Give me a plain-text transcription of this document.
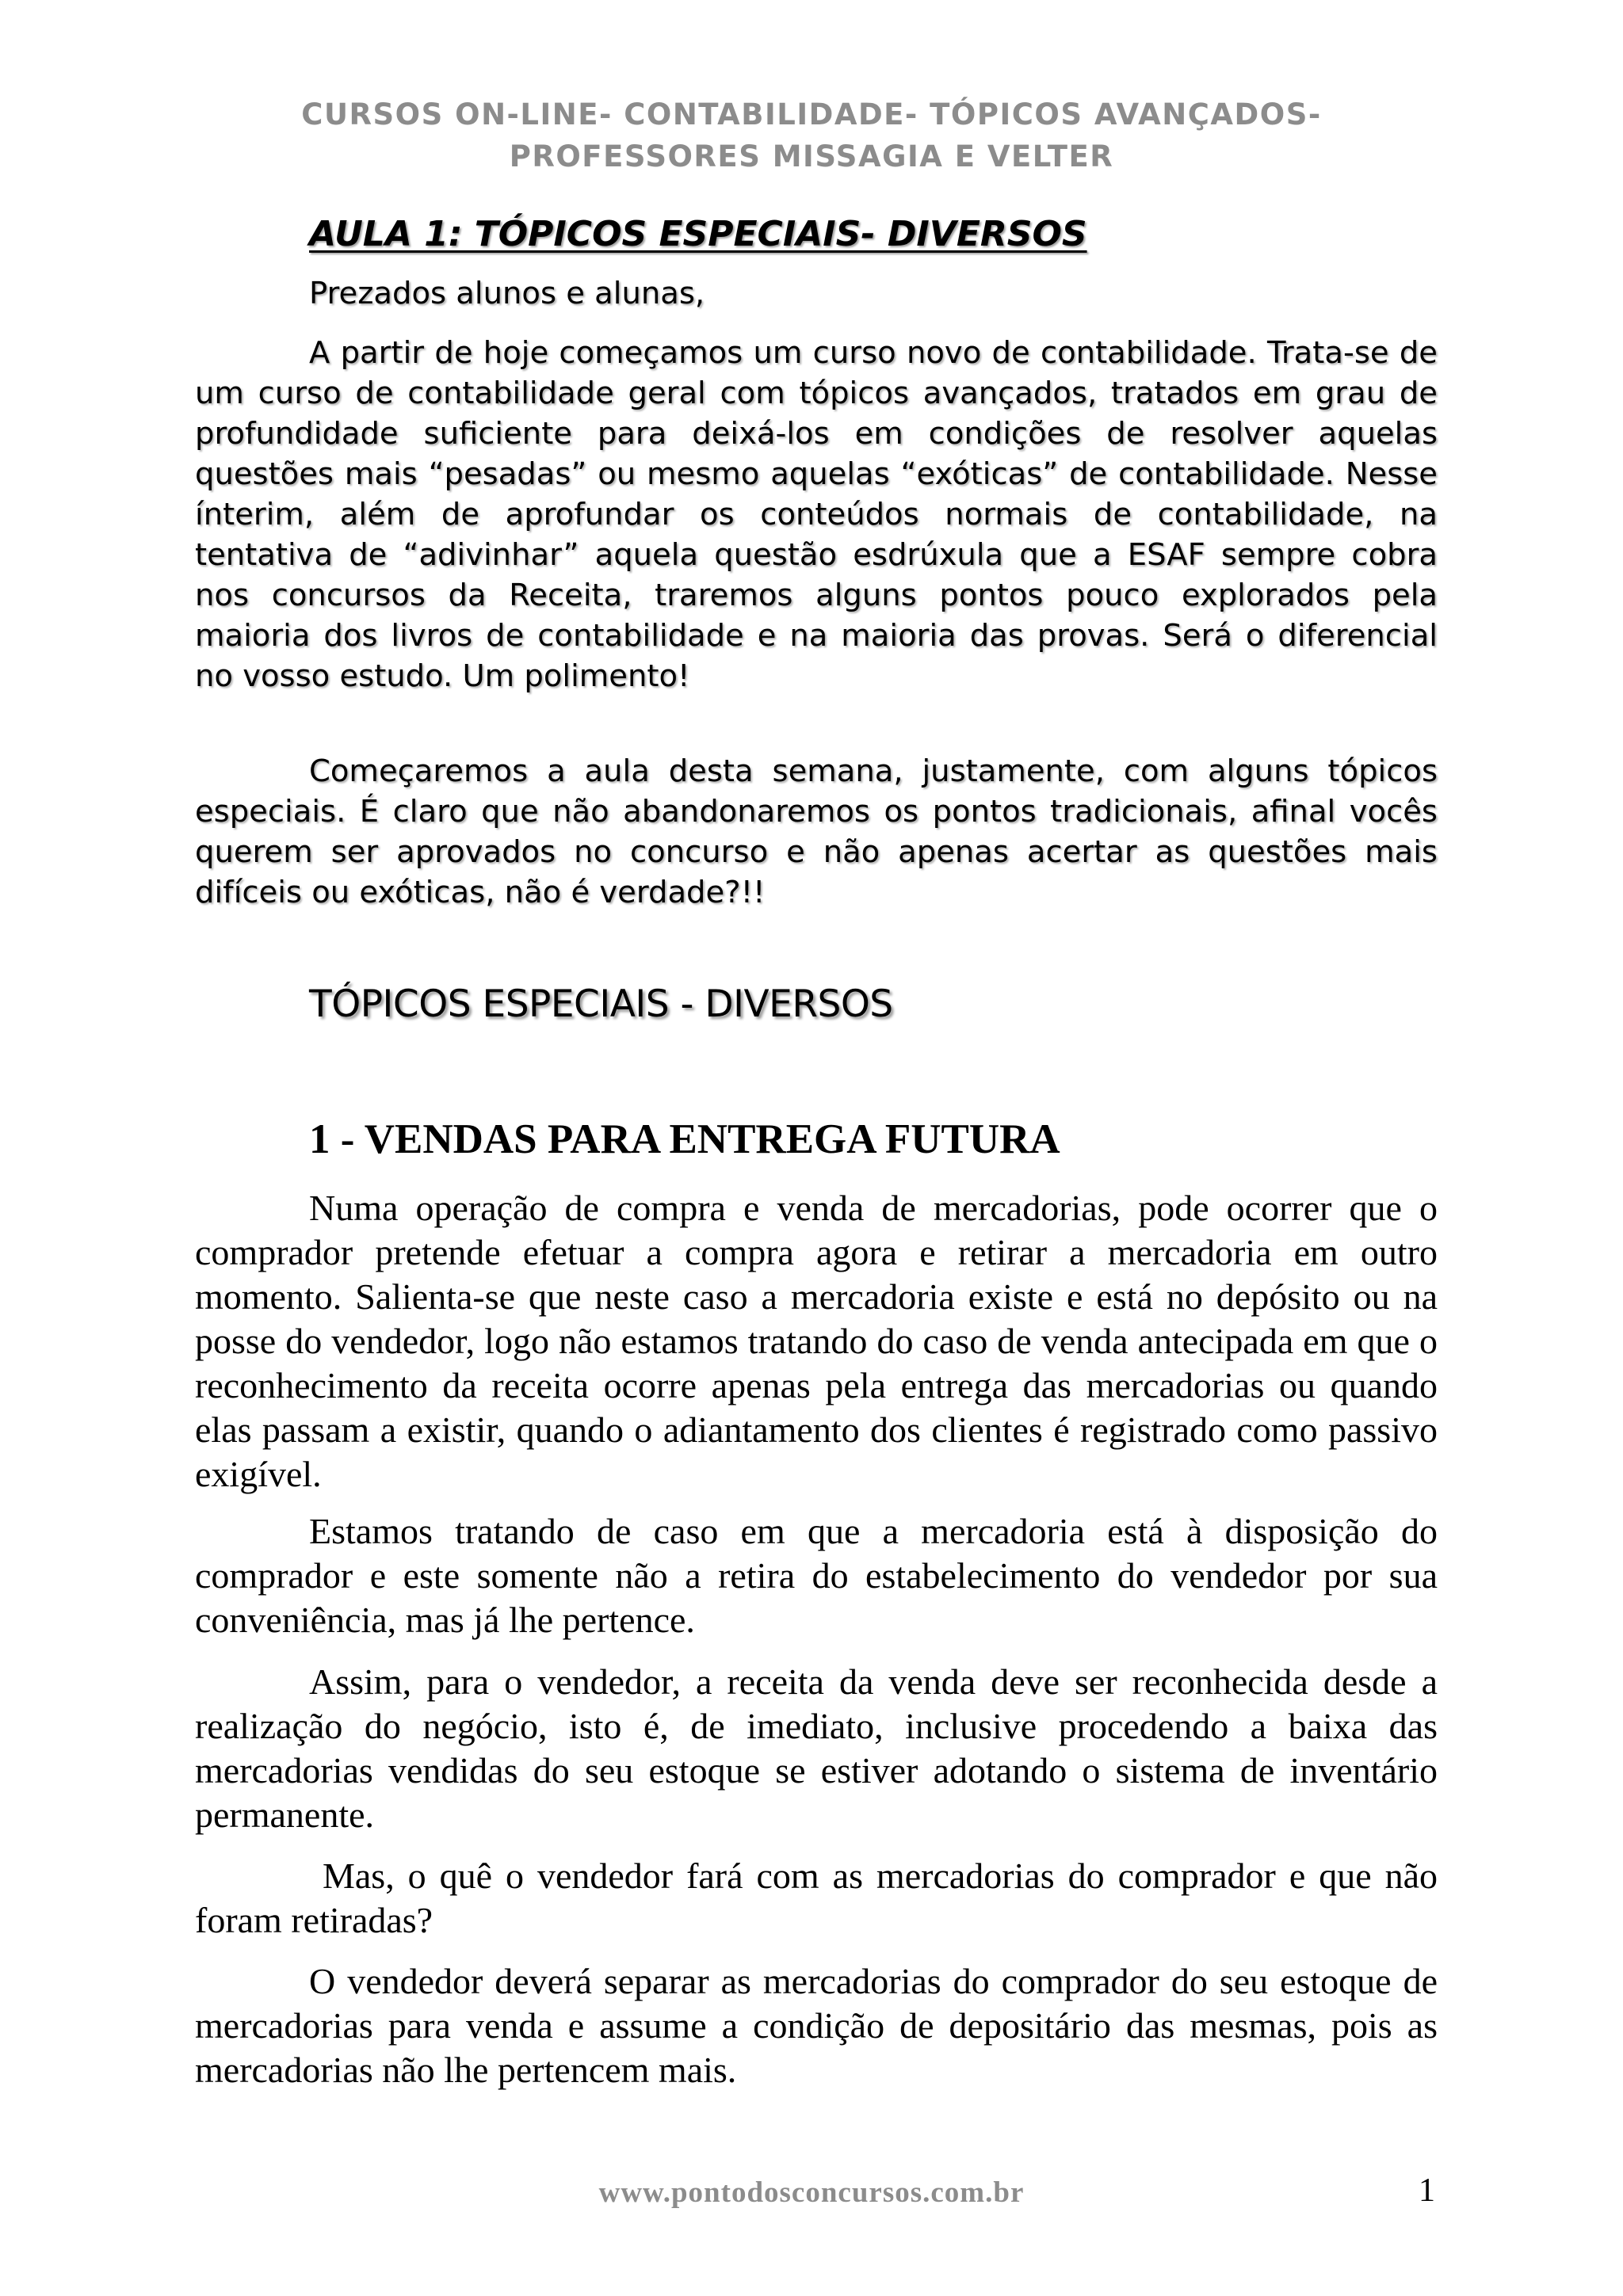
CURSOS ON-LINE- CONTABILIDADE- TÓPICOS AVANÇADOS-
PROFESSORES MISSAGIA E VELTER
AULA 1: TÓPICOS ESPECIAIS- DIVERSOS
Prezados alunos e alunas,

A partir de hoje começamos um curso novo de contabilidade. Trata-se de um curso de contabilidade geral com tópicos avançados, tratados em grau de profundidade suficiente para deixá-los em condições de resolver aquelas questões mais “pesadas” ou mesmo aquelas “exóticas” de contabilidade. Nesse ínterim, além de aprofundar os conteúdos normais de contabilidade, na tentativa de “adivinhar” aquela questão esdrúxula que a ESAF sempre cobra nos concursos da Receita, traremos alguns pontos pouco explorados pela maioria dos livros de contabilidade e na maioria das provas. Será o diferencial no vosso estudo. Um polimento!

Começaremos a aula desta semana, justamente, com alguns tópicos especiais. É claro que não abandonaremos os pontos tradicionais, afinal vocês querem ser aprovados no concurso e não apenas acertar as questões mais difíceis ou exóticas, não é verdade?!!

TÓPICOS ESPECIAIS - DIVERSOS
1 - VENDAS PARA ENTREGA FUTURA

Numa operação de compra e venda de mercadorias, pode ocorrer que o comprador pretende efetuar a compra agora e retirar a mercadoria em outro momento. Salienta-se que neste caso a mercadoria existe e está no depósito ou na posse do vendedor, logo não estamos tratando do caso de venda antecipada em que o reconhecimento da receita ocorre apenas pela entrega das mercadorias ou quando elas passam a existir, quando o adiantamento dos clientes é registrado como passivo exigível.

Estamos tratando de caso em que a mercadoria está à disposição do comprador e este somente não a retira do estabelecimento do vendedor por sua conveniência, mas já lhe pertence.

Assim, para o vendedor, a receita da venda deve ser reconhecida desde a realização do negócio, isto é, de imediato, inclusive procedendo a baixa das mercadorias vendidas do seu estoque se estiver adotando o sistema de inventário permanente.

Mas, o quê o vendedor fará com as mercadorias do comprador e que não foram retiradas?

O vendedor deverá separar as mercadorias do comprador do seu estoque de mercadorias para venda e assume a condição de depositário das mesmas, pois as mercadorias não lhe pertencem mais.

www.pontodosconcursos.com.br	1
